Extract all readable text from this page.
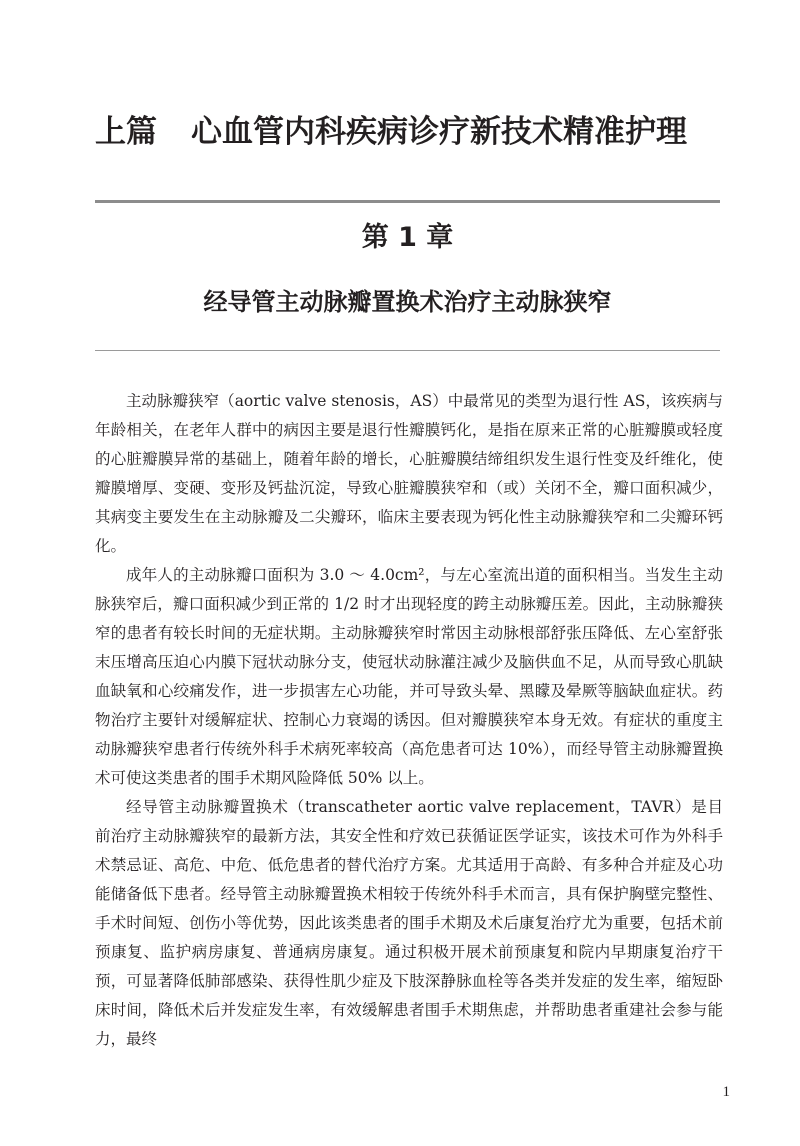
上篇 心血管内科疾病诊疗新技术精准护理
第 1 章
经导管主动脉瓣置换术治疗主动脉狭窄

主动脉瓣狭窄（aortic valve stenosis，AS）中最常见的类型为退行性 AS，该疾病与年龄相关，在老年人群中的病因主要是退行性瓣膜钙化，是指在原来正常的心脏瓣膜或轻度的心脏瓣膜异常的基础上，随着年龄的增长，心脏瓣膜结缔组织发生退行性变及纤维化，使瓣膜增厚、变硬、变形及钙盐沉淀，导致心脏瓣膜狭窄和（或）关闭不全，瓣口面积减少，其病变主要发生在主动脉瓣及二尖瓣环，临床主要表现为钙化性主动脉瓣狭窄和二尖瓣环钙化。

成年人的主动脉瓣口面积为 3.0 ～ 4.0cm²，与左心室流出道的面积相当。当发生主动脉狭窄后，瓣口面积减少到正常的 1/2 时才出现轻度的跨主动脉瓣压差。因此，主动脉瓣狭窄的患者有较长时间的无症状期。主动脉瓣狭窄时常因主动脉根部舒张压降低、左心室舒张末压增高压迫心内膜下冠状动脉分支，使冠状动脉灌注减少及脑供血不足，从而导致心肌缺血缺氧和心绞痛发作，进一步损害左心功能，并可导致头晕、黑矇及晕厥等脑缺血症状。药物治疗主要针对缓解症状、控制心力衰竭的诱因。但对瓣膜狭窄本身无效。有症状的重度主动脉瓣狭窄患者行传统外科手术病死率较高（高危患者可达 10%），而经导管主动脉瓣置换术可使这类患者的围手术期风险降低 50% 以上。

经导管主动脉瓣置换术（transcatheter aortic valve replacement，TAVR）是目前治疗主动脉瓣狭窄的最新方法，其安全性和疗效已获循证医学证实，该技术可作为外科手术禁忌证、高危、中危、低危患者的替代治疗方案。尤其适用于高龄、有多种合并症及心功能储备低下患者。经导管主动脉瓣置换术相较于传统外科手术而言，具有保护胸壁完整性、手术时间短、创伤小等优势，因此该类患者的围手术期及术后康复治疗尤为重要，包括术前预康复、监护病房康复、普通病房康复。通过积极开展术前预康复和院内早期康复治疗干预，可显著降低肺部感染、获得性肌少症及下肢深静脉血栓等各类并发症的发生率，缩短卧床时间，降低术后并发症发生率，有效缓解患者围手术期焦虑，并帮助患者重建社会参与能力，最终

1
